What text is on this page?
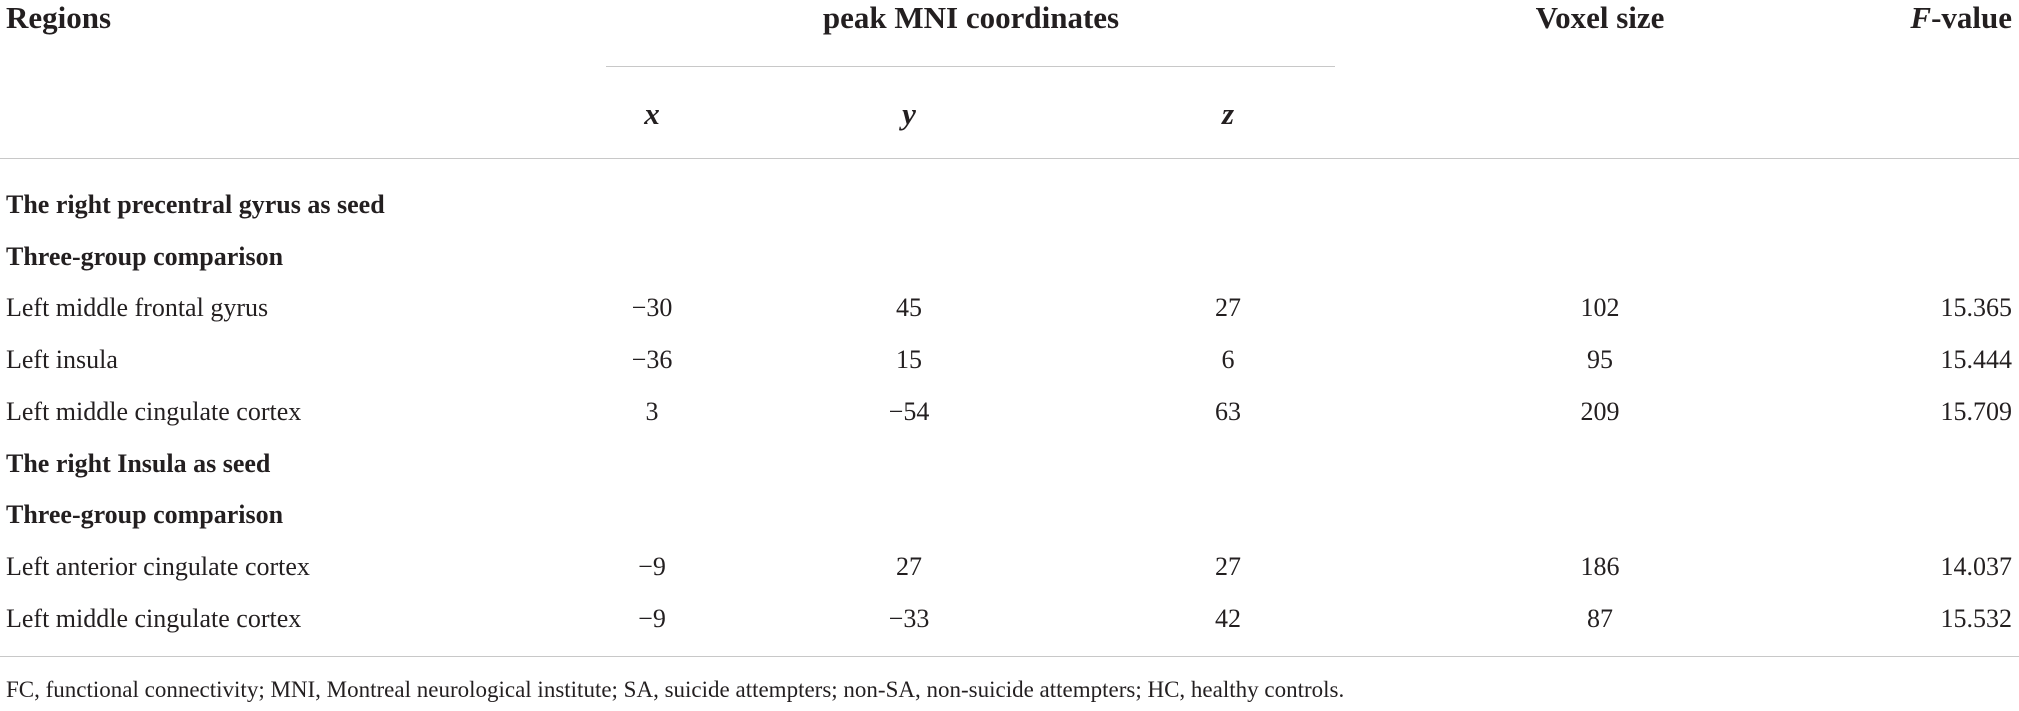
Regions	peak MNI coordinates	Voxel size	F-value
x	y	z
The right precentral gyrus as seed
Three-group comparison
Left middle frontal gyrus	−30	45	27	102	15.365
Left insula	−36	15	6	95	15.444
Left middle cingulate cortex	3	−54	63	209	15.709
The right Insula as seed
Three-group comparison
Left anterior cingulate cortex	−9	27	27	186	14.037
Left middle cingulate cortex	−9	−33	42	87	15.532
FC, functional connectivity; MNI, Montreal neurological institute; SA, suicide attempters; non-SA, non-suicide attempters; HC, healthy controls.
